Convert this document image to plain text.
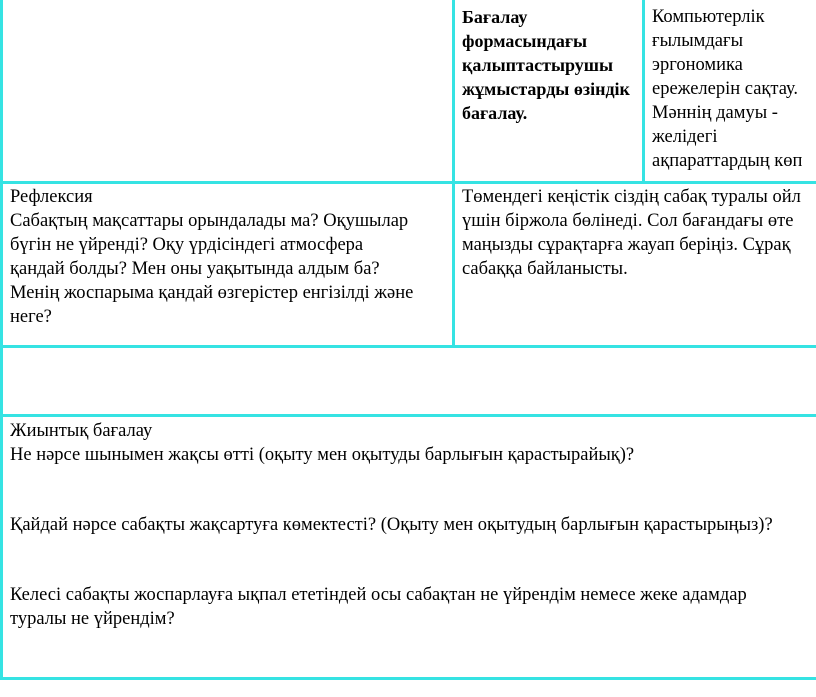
Бағалау
формасындағы
қалыптастырушы
жұмыстарды өзіндік
бағалау.
Компьютерлік
ғылымдағы
эргономика
ережелерін сақтау.
Мәннің дамуы -
желідегі
ақпараттардың көп
Рефлексия
Сабақтың мақсаттары орындалады ма? Оқушылар
бүгін не үйренді? Оқу үрдісіндегі атмосфера
қандай болды? Мен оны уақытында алдым ба?
Менің жоспарыма қандай өзгерістер енгізілді және
неге?
Төмендегі кеңістік сіздің сабақ туралы ойл
үшін біржола бөлінеді. Сол бағандағы өте
маңызды сұрақтарға жауап беріңіз. Сұрақ
сабаққа байланысты.
Жиынтық бағалау
Не нәрсе шынымен жақсы өтті (оқыту мен оқытуды барлығын қарастырайық)?
Қайдай нәрсе сабақты жақсартуға көмектесті? (Оқыту мен оқытудың барлығын қарастырыңыз)?
Келесі сабақты жоспарлауға ықпал ететіндей осы сабақтан не үйрендім немесе жеке адамдар
туралы не үйрендім?
